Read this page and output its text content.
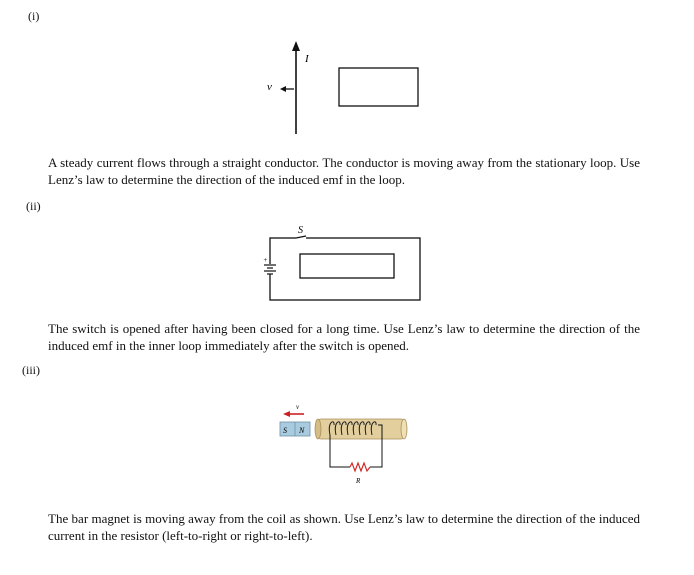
(i)
I
v
A steady current flows through a straight conductor. The conductor is moving away from the stationary loop. Use Lenz’s law to determine the direction of the induced emf in the loop.
(ii)
S
+
The switch is opened after having been closed for a long time. Use Lenz’s law to determine the direction of the induced emf in the inner loop immediately after the switch is opened.
(iii)
v
S N
R
The bar magnet is moving away from the coil as shown. Use Lenz’s law to determine the direction of the induced current in the resistor (left-to-right or right-to-left).
